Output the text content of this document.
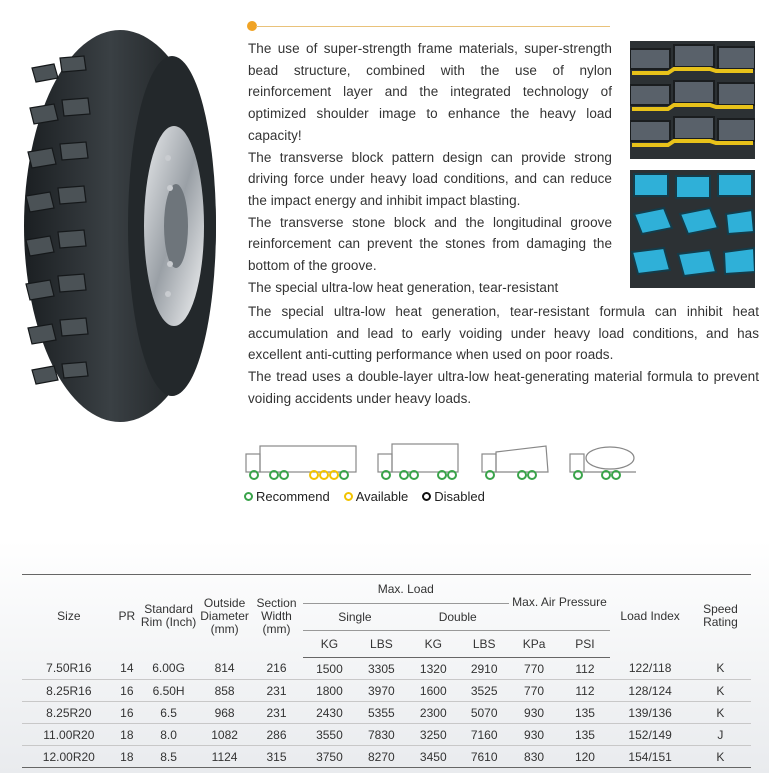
The use of super-strength frame materials, super-strength bead structure, combined with the use of nylon reinforcement layer and the integrated technology of optimized shoulder image to enhance the heavy load capacity!
The transverse block pattern design can provide strong driving force under heavy load conditions, and can reduce the impact energy and inhibit impact blasting.
The transverse stone block and the longitudinal groove reinforcement can prevent the stones from damaging the bottom of the groove.
The special ultra-low heat generation, tear-resistant
The special ultra-low heat generation, tear-resistant formula can inhibit heat accumulation and lead to early voiding under heavy load conditions, and has excellent anti-cutting performance when used on poor roads.
The tread uses a double-layer ultra-low heat-generating material formula to prevent voiding accidents under heavy loads.
Recommend Available Disabled
Size	PR	Standard Rim (Inch)	Outside Diameter (mm)	Section Width (mm)	Max. Load				Max. Air Pressure		Load Index	Speed Rating
					Single		Double					
					KG	LBS	KG	LBS	KPa	PSI		
7.50R16	14	6.00G	814	216	1500	3305	1320	2910	770	112	122/118	K
8.25R16	16	6.50H	858	231	1800	3970	1600	3525	770	112	128/124	K
8.25R20	16	6.5	968	231	2430	5355	2300	5070	930	135	139/136	K
11.00R20	18	8.0	1082	286	3550	7830	3250	7160	930	135	152/149	J
12.00R20	18	8.5	1124	315	3750	8270	3450	7610	830	120	154/151	K
